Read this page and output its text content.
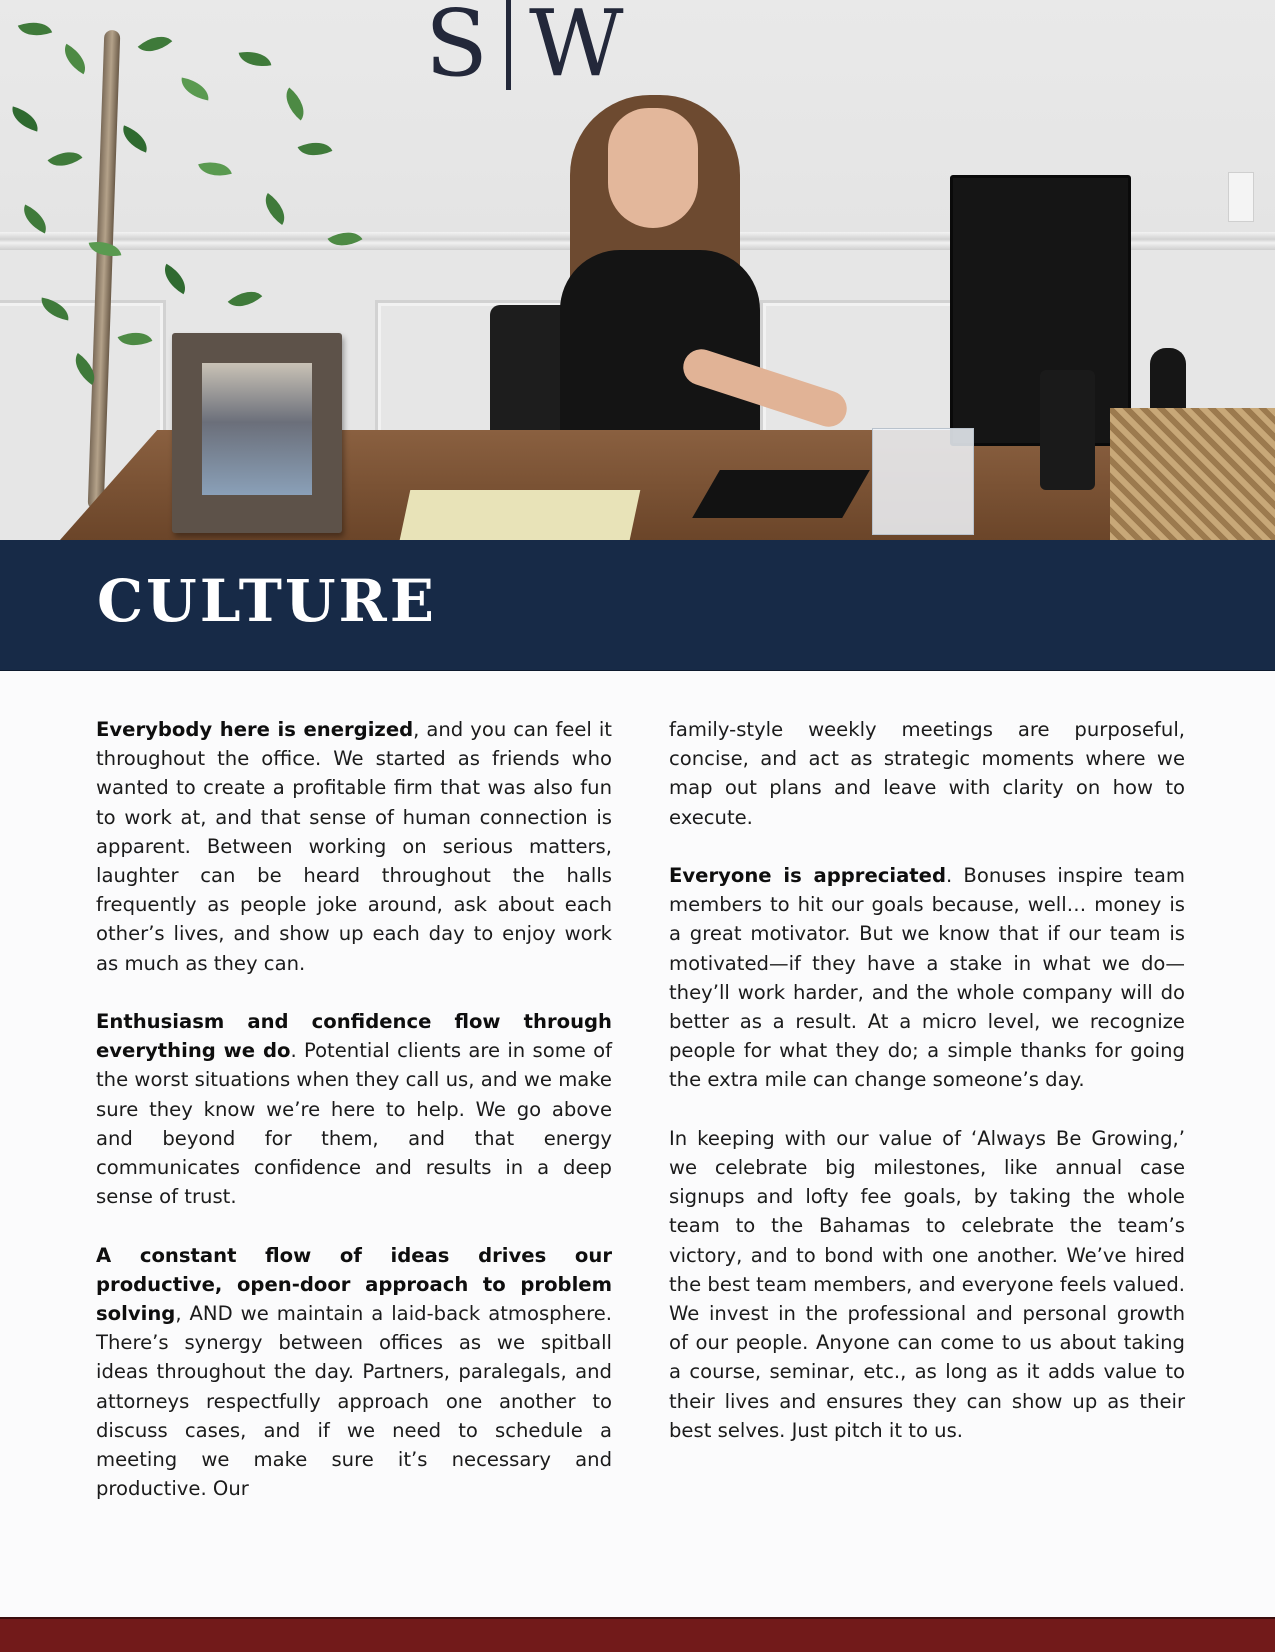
S W
CULTURE

Everybody here is energized, and you can feel it throughout the office. We started as friends who wanted to create a profitable firm that was also fun to work at, and that sense of human connection is apparent. Between working on serious matters, laughter can be heard throughout the halls frequently as people joke around, ask about each other’s lives, and show up each day to enjoy work as much as they can.

Enthusiasm and confidence flow through everything we do. Potential clients are in some of the worst situations when they call us, and we make sure they know we’re here to help. We go above and beyond for them, and that energy communicates confidence and results in a deep sense of trust.

A constant flow of ideas drives our productive, open-door approach to problem solving, AND we maintain a laid-back atmosphere. There’s synergy between offices as we spitball ideas throughout the day. Partners, paralegals, and attorneys respectfully approach one another to discuss cases, and if we need to schedule a meeting we make sure it’s necessary and productive. Our

family-style weekly meetings are purposeful, concise, and act as strategic moments where we map out plans and leave with clarity on how to execute.

Everyone is appreciated. Bonuses inspire team members to hit our goals because, well… money is a great motivator. But we know that if our team is motivated—if they have a stake in what we do—they’ll work harder, and the whole company will do better as a result. At a micro level, we recognize people for what they do; a simple thanks for going the extra mile can change someone’s day.

In keeping with our value of ‘Always Be Growing,’ we celebrate big milestones, like annual case signups and lofty fee goals, by taking the whole team to the Bahamas to celebrate the team’s victory, and to bond with one another. We’ve hired the best team members, and everyone feels valued. We invest in the professional and personal growth of our people. Anyone can come to us about taking a course, seminar, etc., as long as it adds value to their lives and ensures they can show up as their best selves. Just pitch it to us.
